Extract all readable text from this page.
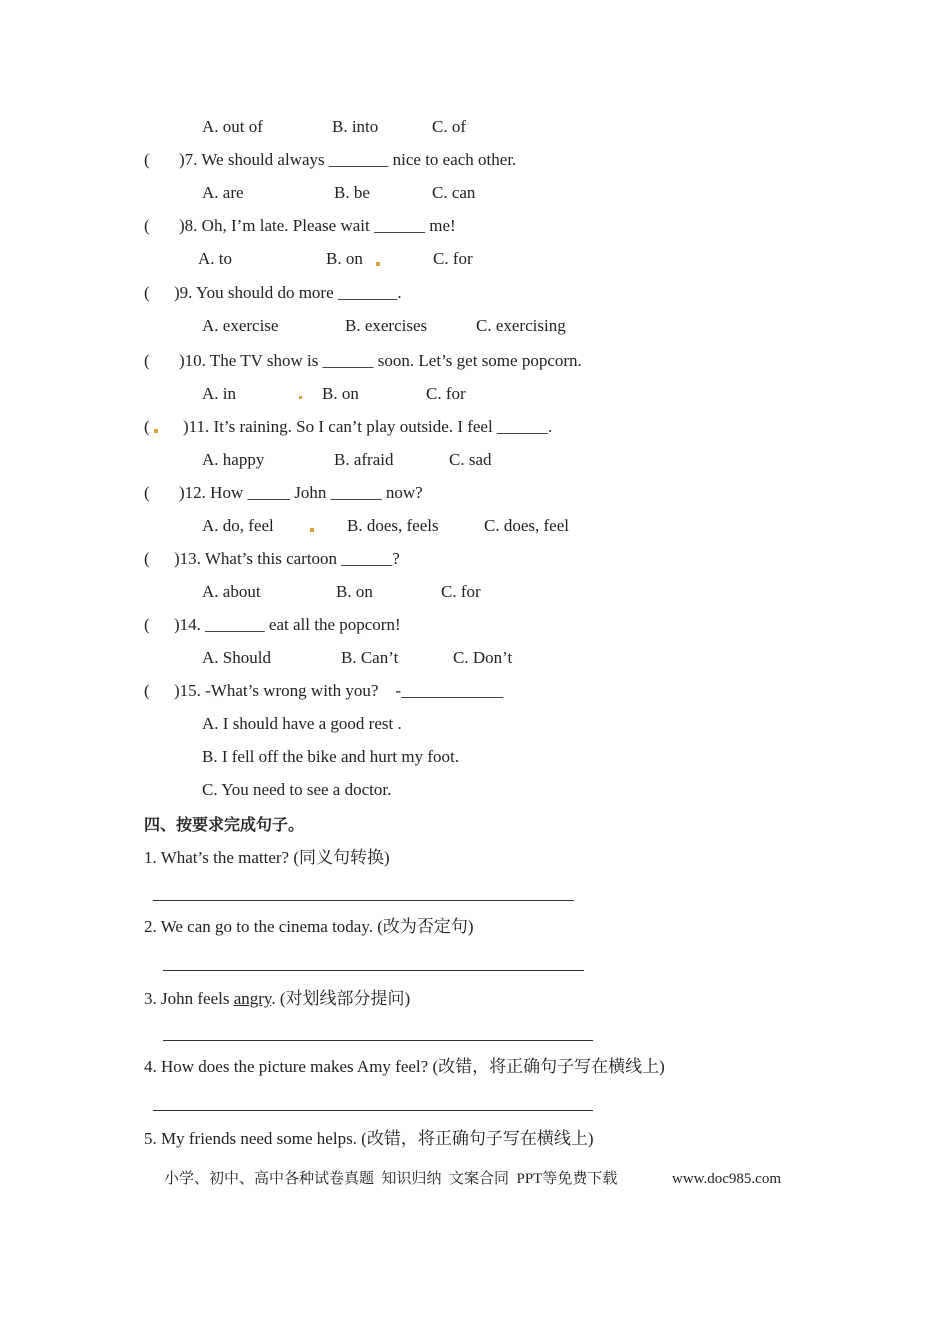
A. out of	B. into	C. of
( )7. We should always _______ nice to each other.
A. are	B. be	C. can
( )8. Oh, I’m late. Please wait ______ me!
A. to	B. on	C. for
( )9. You should do more _______.
A. exercise	B. exercises	C. exercising
( )10. The TV show is ______ soon. Let’s get some popcorn.
A. in	B. on	C. for
( )11. It’s raining. So I can’t play outside. I feel ______.
A. happy	B. afraid	C. sad
( )12. How _____ John ______ now?
A. do, feel	B. does, feels	C. does, feel
( )13. What’s this cartoon ______?
A. about	B. on	C. for
( )14. _______ eat all the popcorn!
A. Should	B. Can’t	C. Don’t
( )15. -What’s wrong with you?    -____________
A. I should have a good rest .
B. I fell off the bike and hurt my foot.
C. You need to see a doctor.
四、按要求完成句子。
1. What’s the matter? (同义句转换)
2. We can go to the cinema today. (改为否定句)
3. John feels angry. (对划线部分提问)
4. How does the picture makes Amy feel? (改错，将正确句子写在横线上)
5. My friends need some helps. (改错，将正确句子写在横线上)
小学、初中、高中各种试卷真题  知识归纳  文案合同  PPT等免费下载	www.doc985.com
